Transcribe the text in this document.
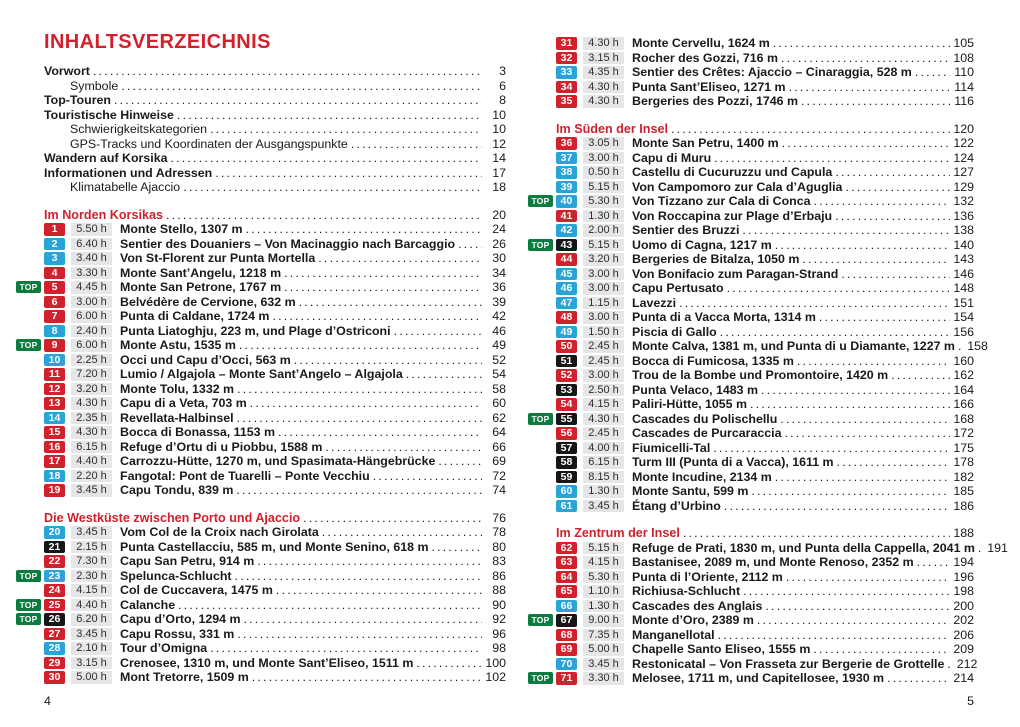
INHALTSVERZEICHNIS
Vorwort .....	3
Symbole .....	6
Top-Touren .....	8
Touristische Hinweise .....	10
Schwierigkeitskategorien .....	10
GPS-Tracks und Koordinaten der Ausgangspunkte .....	12
Wandern auf Korsika .....	14
Informationen und Adressen .....	17
Klimatabelle Ajaccio .....	18
Im Norden Korsikas .....	20
1	5.50 h	Monte Stello, 1307 m .....	24
2	6.40 h	Sentier des Douaniers – Von Macinaggio nach Barcaggio .....	26
3	3.40 h	Von St-Florent zur Punta Mortella .....	30
4	3.30 h	Monte Sant’Angelu, 1218 m .....	34
TOP	5	4.45 h	Monte San Petrone, 1767 m .....	36
6	3.00 h	Belvédère de Cervione, 632 m .....	39
7	6.00 h	Punta di Caldane, 1724 m .....	42
8	2.40 h	Punta Liatoghju, 223 m, und Plage d’Ostriconi .....	46
TOP	9	6.00 h	Monte Astu, 1535 m .....	49
10	2.25 h	Occi und Capu d’Occi, 563 m .....	52
11	7.20 h	Lumio / Algajola – Monte Sant’Angelo – Algajola .....	54
12	3.20 h	Monte Tolu, 1332 m .....	58
13	4.30 h	Capu di a Veta, 703 m .....	60
14	2.35 h	Revellata-Halbinsel .....	62
15	4.30 h	Bocca di Bonassa, 1153 m .....	64
16	6.15 h	Refuge d’Ortu di u Piobbu, 1588 m .....	66
17	4.40 h	Carrozzu-Hütte, 1270 m, und Spasimata-Hängebrücke .....	69
18	2.20 h	Fangotal: Pont de Tuarelli – Ponte Vecchiu .....	72
19	3.45 h	Capu Tondu, 839 m .....	74
Die Westküste zwischen Porto und Ajaccio .....	76
20	3.45 h	Vom Col de la Croix nach Girolata .....	78
21	2.15 h	Punta Castellacciu, 585 m, und Monte Senino, 618 m .....	80
22	7.30 h	Capu San Petru, 914 m .....	83
TOP	23	2.30 h	Spelunca-Schlucht .....	86
24	4.15 h	Col de Cuccavera, 1475 m .....	88
TOP	25	4.40 h	Calanche .....	90
TOP	26	6.20 h	Capu d’Orto, 1294 m .....	92
27	3.45 h	Capu Rossu, 331 m .....	96
28	2.10 h	Tour d’Omigna .....	98
29	3.15 h	Crenosee, 1310 m, und Monte Sant’Eliseo, 1511 m .....	100
30	5.00 h	Mont Tretorre, 1509 m .....	102
31	4.30 h	Monte Cervellu, 1624 m .....	105
32	3.15 h	Rocher des Gozzi, 716 m .....	108
33	4.35 h	Sentier des Crêtes: Ajaccio – Cinaraggia, 528 m .....	110
34	4.30 h	Punta Sant’Eliseo, 1271 m .....	114
35	4.30 h	Bergeries des Pozzi, 1746 m .....	116
Im Süden der Insel .....	120
36	3.05 h	Monte San Petru, 1400 m .....	122
37	3.00 h	Capu di Muru .....	124
38	0.50 h	Castellu di Cucuruzzu und Capula .....	127
39	5.15 h	Von Campomoro zur Cala d’Aguglia .....	129
TOP	40	5.30 h	Von Tizzano zur Cala di Conca .....	132
41	1.30 h	Von Roccapina zur Plage d’Erbaju .....	136
42	2.00 h	Sentier des Bruzzi .....	138
TOP	43	5.15 h	Uomo di Cagna, 1217 m .....	140
44	3.20 h	Bergeries de Bitalza, 1050 m .....	143
45	3.00 h	Von Bonifacio zum Paragan-Strand .....	146
46	3.00 h	Capu Pertusato .....	148
47	1.15 h	Lavezzi .....	151
48	3.00 h	Punta di a Vacca Morta, 1314 m .....	154
49	1.50 h	Piscia di Gallo .....	156
50	2.45 h	Monte Calva, 1381 m, und Punta di u Diamante, 1227 m ..... 158
51	2.45 h	Bocca di Fumicosa, 1335 m .....	160
52	3.00 h	Trou de la Bombe und Promontoire, 1420 m .....	162
53	2.50 h	Punta Velaco, 1483 m .....	164
54	4.15 h	Paliri-Hütte, 1055 m .....	166
TOP	55	4.30 h	Cascades du Polischellu .....	168
56	2.45 h	Cascades de Purcaraccia .....	172
57	4.00 h	Fiumicelli-Tal .....	175
58	6.15 h	Turm III (Punta di a Vacca), 1611 m .....	178
59	8.15 h	Monte Incudine, 2134 m .....	182
60	1.30 h	Monte Santu, 599 m .....	185
61	3.45 h	Étang d’Urbino .....	186
Im Zentrum der Insel .....	188
62	5.15 h	Refuge de Prati, 1830 m, und Punta della Cappella, 2041 m ..... 191
63	4.15 h	Bastanisee, 2089 m, und Monte Renoso, 2352 m .....	194
64	5.30 h	Punta di l’Oriente, 2112 m .....	196
65	1.10 h	Richiusa-Schlucht .....	198
66	1.30 h	Cascades des Anglais .....	200
TOP	67	9.00 h	Monte d’Oro, 2389 m .....	202
68	7.35 h	Manganellotal .....	206
69	5.00 h	Chapelle Santo Eliseo, 1555 m .....	209
70	3.45 h	Restonicatal – Von Frasseta zur Bergerie de Grottelle ..... 212
TOP	71	3.30 h	Melosee, 1711 m, und Capitellosee, 1930 m .....	214
4	5
